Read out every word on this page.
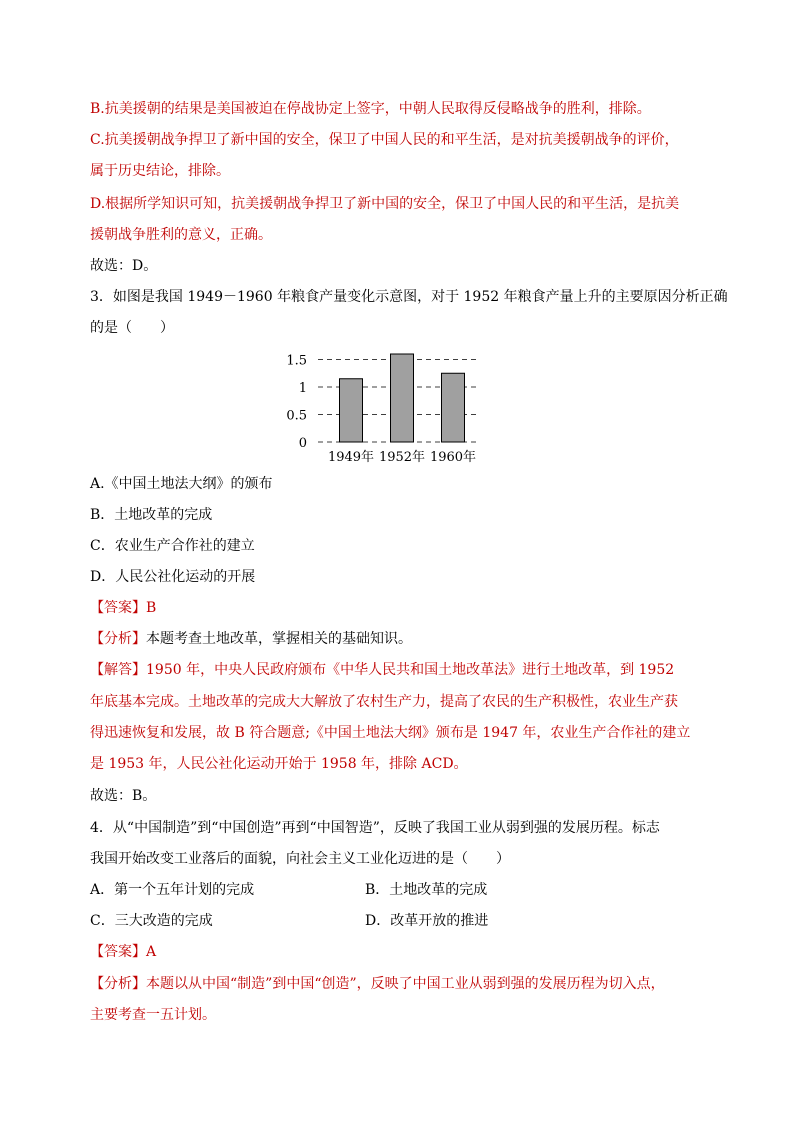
B.抗美援朝的结果是美国被迫在停战协定上签字，中朝人民取得反侵略战争的胜利，排除。
C.抗美援朝战争捍卫了新中国的安全，保卫了中国人民的和平生活，是对抗美援朝战争的评价，
属于历史结论，排除。
D.根据所学知识可知，抗美援朝战争捍卫了新中国的安全，保卫了中国人民的和平生活，是抗美
援朝战争胜利的意义，正确。
故选：D。
3．如图是我国 1949－1960 年粮食产量变化示意图，对于 1952 年粮食产量上升的主要原因分析正确
的是（　　）
1.5
1
0.5
0
1949年 1952年 1960年
A.《中国土地法大纲》的颁布
B．土地改革的完成
C．农业生产合作社的建立
D．人民公社化运动的开展
【答案】B
【分析】本题考查土地改革，掌握相关的基础知识。
【解答】1950 年，中央人民政府颁布《中华人民共和国土地改革法》进行土地改革，到 1952
年底基本完成。土地改革的完成大大解放了农村生产力，提高了农民的生产积极性，农业生产获
得迅速恢复和发展，故 B 符合题意;《中国土地法大纲》颁布是 1947 年，农业生产合作社的建立
是 1953 年，人民公社化运动开始于 1958 年，排除 ACD。
故选：B。
4．从“中国制造”到“中国创造”再到“中国智造”，反映了我国工业从弱到强的发展历程。标志
我国开始改变工业落后的面貌，向社会主义工业化迈进的是（　　）
A．第一个五年计划的完成	B．土地改革的完成
C．三大改造的完成	D．改革开放的推进
【答案】A
【分析】本题以从中国“制造”到中国“创造”，反映了中国工业从弱到强的发展历程为切入点，
主要考查一五计划。
